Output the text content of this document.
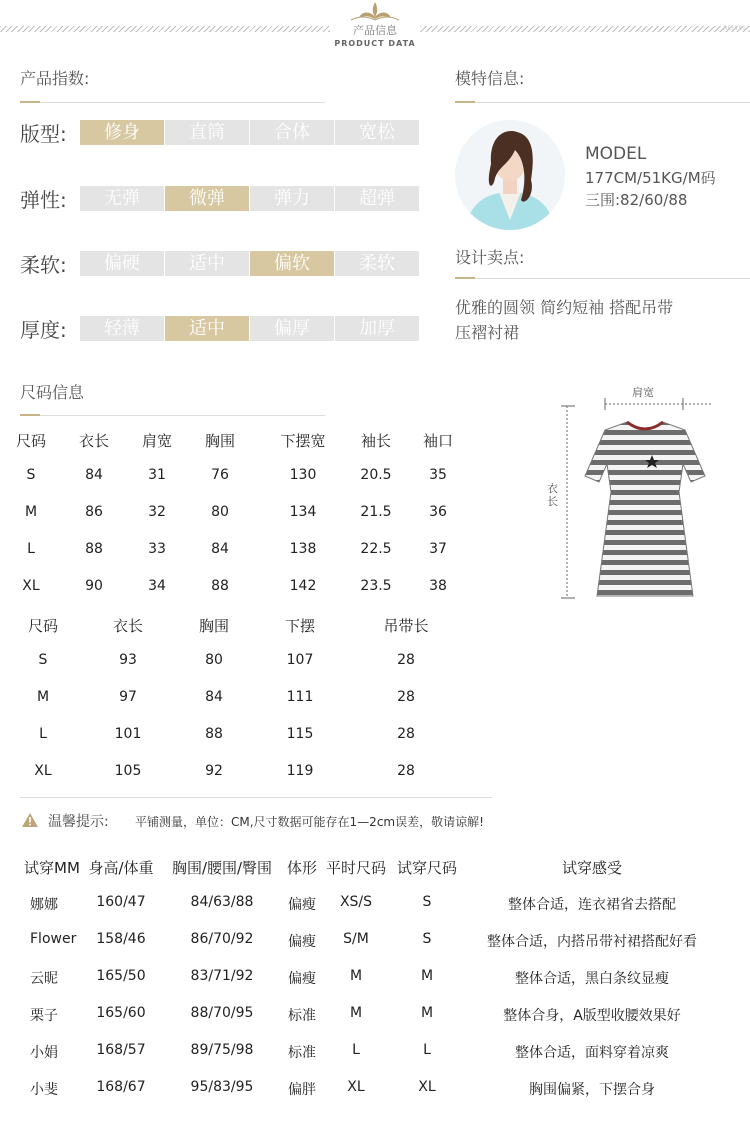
产品信息
PRODUCT DATA
REFYSS
产品指数:
版型:	修身	直筒	合体	宽松
弹性:	无弹	微弹	弹力	超弹
柔软:	偏硬	适中	偏软	柔软
厚度:	轻薄	适中	偏厚	加厚
模特信息:
MODEL
177CM/51KG/M码
三围:82/60/88
设计卖点:
优雅的圆领 简约短袖 搭配吊带
压褶衬裙
尺码信息
尺码 衣长 肩宽 胸围	下摆宽 袖长 袖口
S	84	31	76	130	20.5	35
M	86	32	80	134	21.5	36
L	88	33	84	138	22.5	37
XL	90	34	88	142	23.5	38
尺码	衣长	胸围	下摆	吊带长
S	93	80	107	28
M	97	84	111	28
L	101	88	115	28
XL	105	92	119	28
肩宽
衣长
温馨提示: 平铺测量，单位：CM,尺寸数据可能存在1—2cm误差，敬请谅解!
试穿MM 身高/体重 胸围/腰围/臀围 体形 平时尺码 试穿尺码	试穿感受
娜娜	160/47	84/63/88 偏瘦 XS/S	S	整体合适，连衣裙省去搭配
Flower 158/46	86/70/92 偏瘦 S/M	S	整体合适，内搭吊带衬裙搭配好看
云昵	165/50	83/71/92 偏瘦 M	M	整体合适，黑白条纹显瘦
栗子	165/60	88/70/95 标准 M	M	整体合身，A版型收腰效果好
小娟	168/57	89/75/98 标准	L	L	整体合适，面料穿着凉爽
小斐	168/67	95/83/95 偏胖 XL	XL	胸围偏紧，下摆合身
